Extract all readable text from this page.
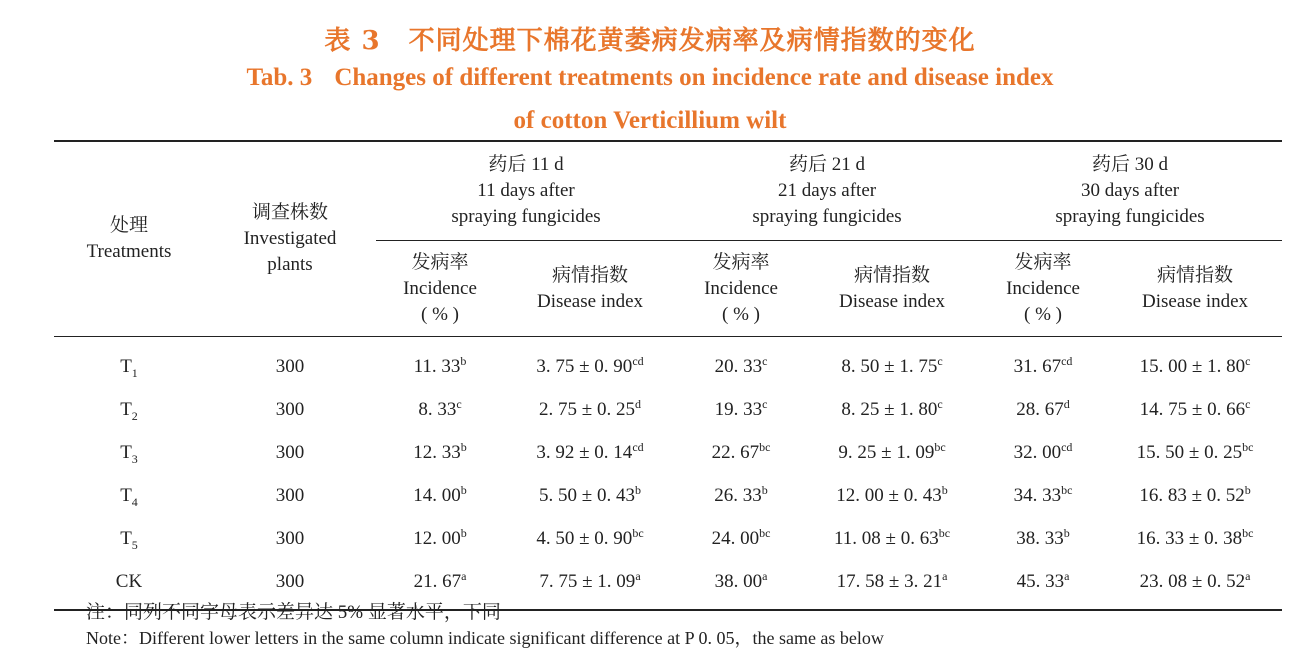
表 3 不同处理下棉花黄萎病发病率及病情指数的变化
Tab. 3 Changes of different treatments on incidence rate and disease index
of cotton Verticillium wilt
处理
Treatments	调查株数
Investigated
plants	药后 11 d
11 days after
spraying fungicides		药后 21 d
21 days after
spraying fungicides		药后 30 d
30 days after
spraying fungicides	

		发病率
Incidence
( % )	病情指数
Disease index	发病率
Incidence
( % )	病情指数
Disease index	发病率
Incidence
( % )	病情指数
Disease index

$T_1$	300	11. 33$^b$	3. 75 ± 0. $90^{cd}$	20. 33$^c$	8. 50 ± 1. 75$^c$	31. $67^{cd}$	15. 00 ± 1. 80$^c$
$T_2$	300	8. 33$^c$	2. 75 ± 0. 25$^d$	19. 33$^c$	8. 25 ± 1. 80$^c$	28. 67$^d$	14. 75 ± 0. 66$^c$
$T_3$	300	12. 33$^b$	3. 92 ± 0. $14^{cd}$	22. $67^{bc}$	9. 25 ± 1. $09^{bc}$	32. $00^{cd}$	15. 50 ± 0. $25^{bc}$
$T_4$	300	14. 00$^b$	5. 50 ± 0. 43$^b$	26. 33$^b$	12. 00 ± 0. 43$^b$	34. $33^{bc}$	16. 83 ± 0. 52$^b$
$T_5$	300	12. 00$^b$	4. 50 ± 0. $90^{bc}$	24. $00^{bc}$	11. 08 ± 0. $63^{bc}$	38. 33$^b$	16. 33 ± 0. $38^{bc}$
CK	300	21. 67$^a$	7. 75 ± 1. 09$^a$	38. 00$^a$	17. 58 ± 3. 21$^a$	45. 33$^a$	23. 08 ± 0. 52$^a$
注：同列不同字母表示差异达 5% 显著水平，下同
Note：Different lower letters in the same column indicate significant difference at P 0. 05，the same as below
